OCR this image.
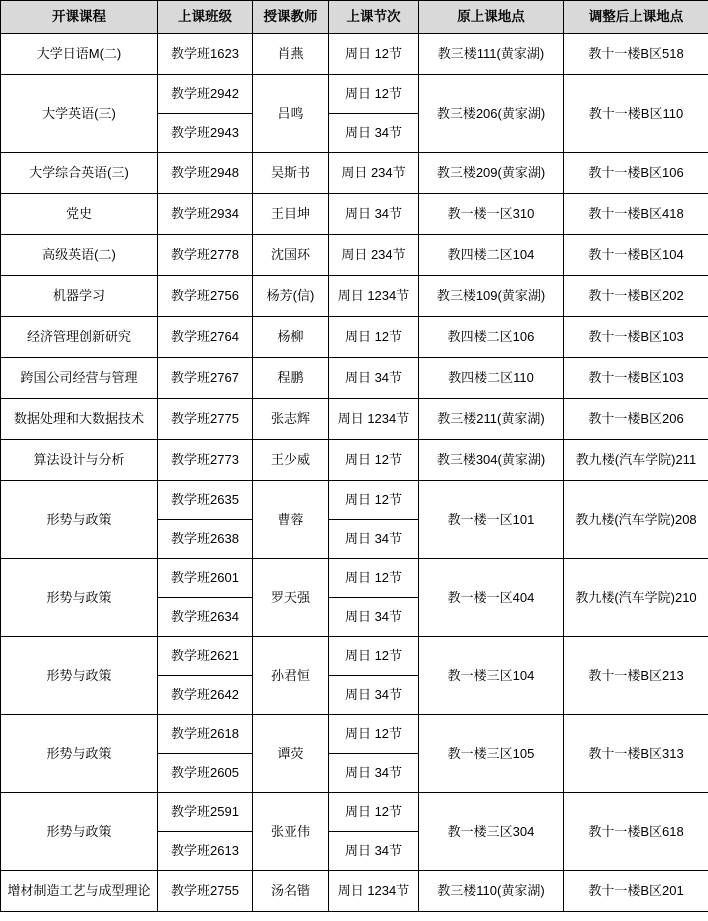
开课课程	上课班级	授课教师	上课节次	原上课地点	调整后上课地点
大学日语M(二)	教学班1623	肖燕	周日 12节	教三楼111(黄家湖)	教十一楼B区518
大学英语(三)	教学班2942	吕鸣	周日 12节	教三楼206(黄家湖)	教十一楼B区110
	教学班2943		周日 34节		
大学综合英语(三)	教学班2948	吴斯书	周日 234节	教三楼209(黄家湖)	教十一楼B区106
党史	教学班2934	王目坤	周日 34节	教一楼一区310	教十一楼B区418
高级英语(二)	教学班2778	沈国环	周日 234节	教四楼二区104	教十一楼B区104
机器学习	教学班2756	杨芳(信)	周日 1234节	教三楼109(黄家湖)	教十一楼B区202
经济管理创新研究	教学班2764	杨柳	周日 12节	教四楼二区106	教十一楼B区103
跨国公司经营与管理	教学班2767	程鹏	周日 34节	教四楼二区110	教十一楼B区103
数据处理和大数据技术	教学班2775	张志辉	周日 1234节	教三楼211(黄家湖)	教十一楼B区206
算法设计与分析	教学班2773	王少威	周日 12节	教三楼304(黄家湖)	教九楼(汽车学院)211
形势与政策	教学班2635	曹蓉	周日 12节	教一楼一区101	教九楼(汽车学院)208
	教学班2638		周日 34节		
形势与政策	教学班2601	罗天强	周日 12节	教一楼一区404	教九楼(汽车学院)210
	教学班2634		周日 34节		
形势与政策	教学班2621	孙君恒	周日 12节	教一楼三区104	教十一楼B区213
	教学班2642		周日 34节		
形势与政策	教学班2618	谭荧	周日 12节	教一楼三区105	教十一楼B区313
	教学班2605		周日 34节		
形势与政策	教学班2591	张亚伟	周日 12节	教一楼三区304	教十一楼B区618
	教学班2613		周日 34节		
增材制造工艺与成型理论	教学班2755	汤名锴	周日 1234节	教三楼110(黄家湖)	教十一楼B区201
